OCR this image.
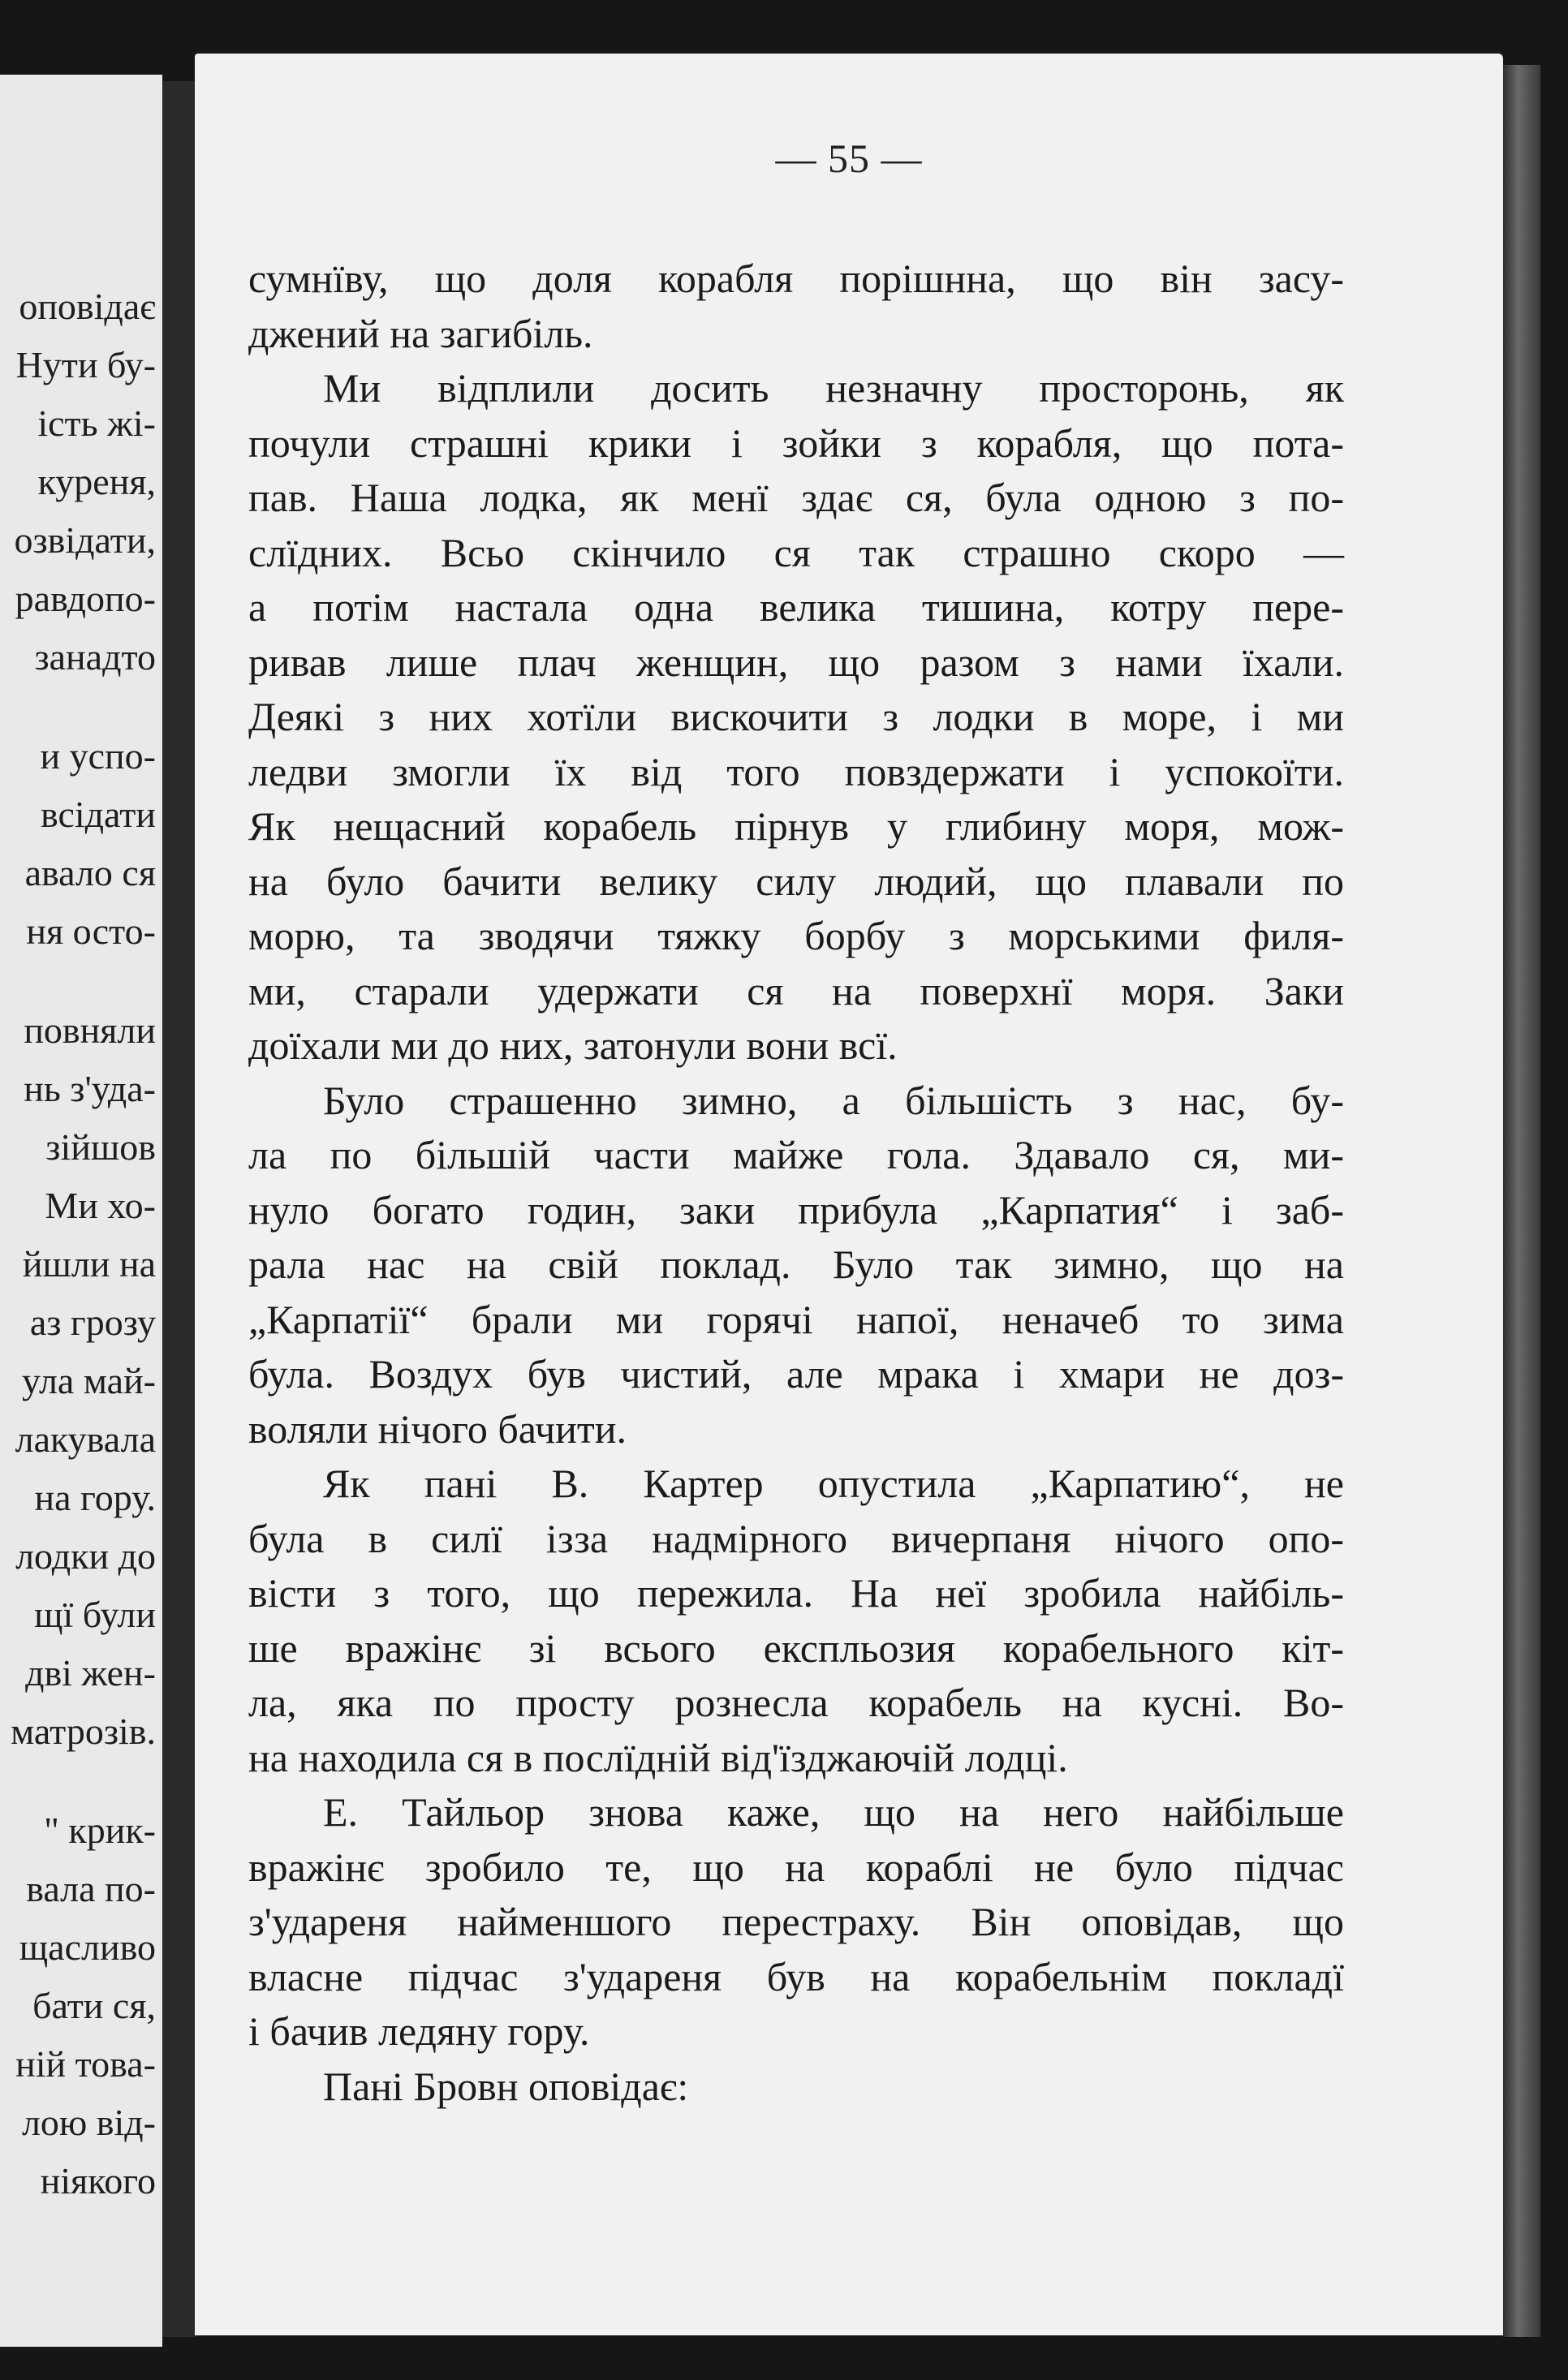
оповідає
Нути бу-
ість жі-
куреня,
озвідати,
равдопо-
занадто
и успо-
всідати
авало ся
ня осто-
повняли
нь з'уда-
зійшов
Ми хо-
йшли на
аз грозу
ула май-
лакувала
на гору.
лодки до
щї були
дві жен-
матрозів.
" крик-
вала по-
щасливо
бати ся,
ній това-
лою від-
ніякого
— 55 —
сумнїву, що доля корабля порішнна, що він засу-
джений на загибіль.
Ми відплили досить незначну просторонь, як
почули страшні крики і зойки з корабля, що пота-
пав. Наша лодка, як менї здає ся, була одною з по-
слїдних. Всьо скінчило ся так страшно скоро —
а потім настала одна велика тишина, котру пере-
ривав лише плач женщин, що разом з нами їхали.
Деякі з них хотїли вискочити з лодки в море, і ми
ледви змогли їх від того повздержати і успокоїти.
Як нещасний корабель пірнув у глибину моря, мож-
на було бачити велику силу людий, що плавали по
морю, та зводячи тяжку борбу з морськими филя-
ми, старали удержати ся на поверхнї моря. Заки
доїхали ми до них, затонули вони всї.
Було страшенно зимно, а більшість з нас, бу-
ла по більшій части майже гола. Здавало ся, ми-
нуло богато годин, заки прибула „Карпатия“ і заб-
рала нас на свій поклад. Було так зимно, що на
„Карпатії“ брали ми горячі напої, неначеб то зима
була. Воздух був чистий, але мрака і хмари не доз-
воляли нічого бачити.
Як пані В. Картер опустила „Карпатию“, не
була в силї ізза надмірного вичерпаня нічого опо-
вісти з того, що пережила. На неї зробила найбіль-
ше вражінє зі всього експльозия корабельного кіт-
ла, яка по просту рознесла корабель на кусні. Во-
на находила ся в послїдній від'їзджаючій лодці.
Е. Тайльор знова каже, що на него найбільше
вражінє зробило те, що на кораблі не було підчас
з'удареня найменшого перестраху. Він оповідав, що
власне підчас з'удареня був на корабельнім покладї
і бачив ледяну гору.
Пані Бровн оповідає:
